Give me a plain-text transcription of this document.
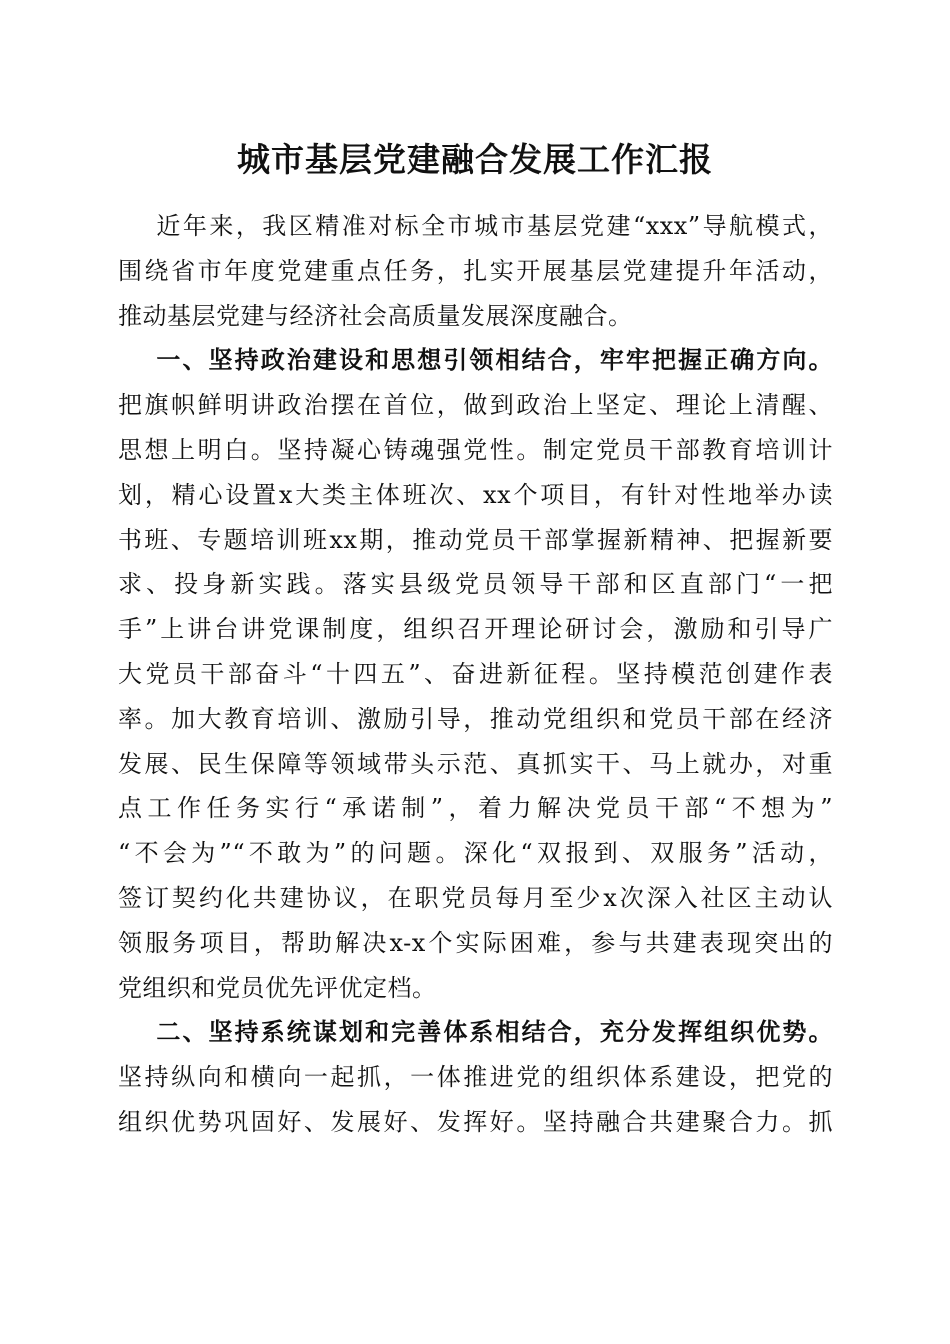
城市基层党建融合发展工作汇报
近年来，我区精准对标全市城市基层党建“xxx”导航模式，
围绕省市年度党建重点任务，扎实开展基层党建提升年活动，
推动基层党建与经济社会高质量发展深度融合。
一、坚持政治建设和思想引领相结合，牢牢把握正确方向。
把旗帜鲜明讲政治摆在首位，做到政治上坚定、理论上清醒、
思想上明白。坚持凝心铸魂强党性。制定党员干部教育培训计
划，精心设置x大类主体班次、xx个项目，有针对性地举办读
书班、专题培训班xx期，推动党员干部掌握新精神、把握新要
求、投身新实践。落实县级党员领导干部和区直部门“一把
手”上讲台讲党课制度，组织召开理论研讨会，激励和引导广
大党员干部奋斗“十四五”、奋进新征程。坚持模范创建作表
率。加大教育培训、激励引导，推动党组织和党员干部在经济
发展、民生保障等领域带头示范、真抓实干、马上就办，对重
点工作任务实行“承诺制”，着力解决党员干部“不想为”
“不会为”“不敢为”的问题。深化“双报到、双服务”活动，
签订契约化共建协议，在职党员每月至少x次深入社区主动认
领服务项目，帮助解决x-x个实际困难，参与共建表现突出的
党组织和党员优先评优定档。
二、坚持系统谋划和完善体系相结合，充分发挥组织优势。
坚持纵向和横向一起抓，一体推进党的组织体系建设，把党的
组织优势巩固好、发展好、发挥好。坚持融合共建聚合力。抓
